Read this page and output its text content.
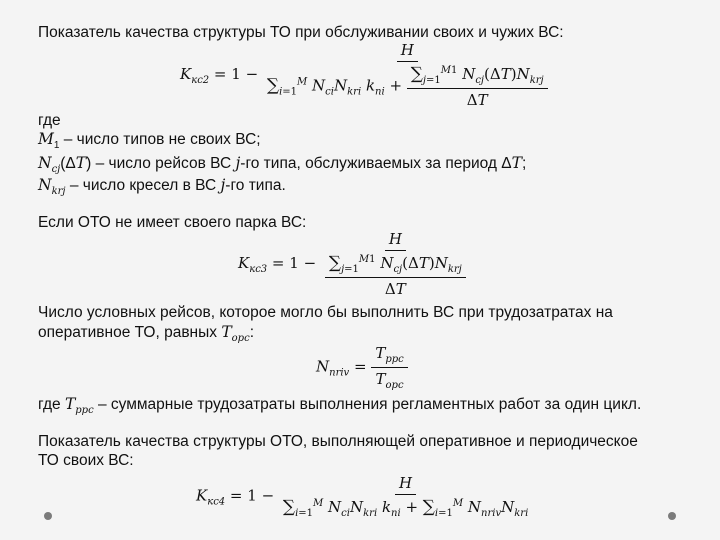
Показатель качества структуры ТО при обслуживании своих и чужих ВС:
$K_{кс2} = 1$ −
H
$\sum_{i=1}^M$ $N_{ci}N_{kri}$ $k_{ni} + \frac{\sum_{j=1}^{M1} N_{cj}(\Delta T)N_{krj}}{\Delta T}$
где
$M_1$ – число типов не своих ВС;
$N_{cj}(\Delta T)$ – число рейсов ВС j-го типа, обслуживаемых за период ΔT;
$N_{krj}$ – число кресел в ВС j-го типа.
Если ОТО не имеет своего парка ВС:
$K_{кс3} = 1 - \frac{H}{\frac{\sum_{j=1}^{M1} N_{cj}(\Delta T)N_{krj}}{\Delta T}}$
Число условных рейсов, которое могло бы выполнить ВС при трудозатратах на
оперативное ТО, равных $T_{opc}$:
$N_{nriv} = \frac{T_{ppc}}{T_{opc}}$
где $T_{ppc}$ – суммарные трудозатраты выполнения регламентных работ за один цикл.
Показатель качества структуры ОТО, выполняющей оперативное и периодическое
ТО своих ВС:
$K_{кс4} = 1$ −
H
$\sum_{i=1}^M$ $N_{ci}N_{kri}$ $k_{ni} + \sum_{i=1}^M$ $N_{nriv}N_{kri}$
